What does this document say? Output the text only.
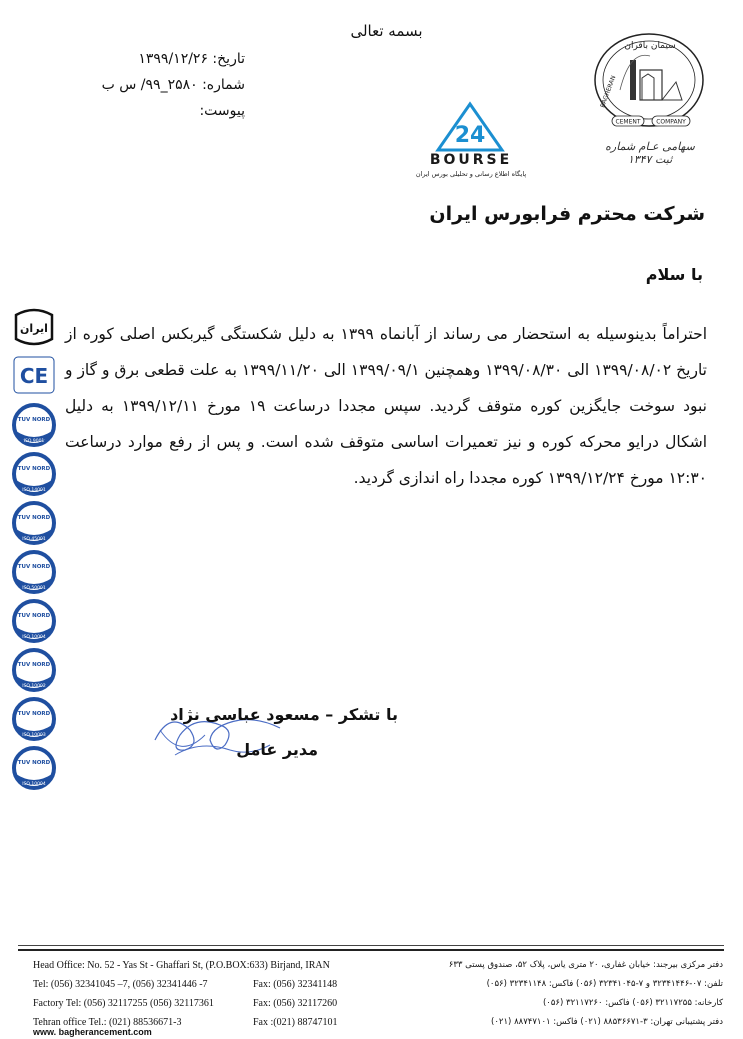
بسمه تعالی
تاریخ: ۱۳۹۹/۱۲/۲۶
شماره: ۲۵۸۰_۹۹/ س ب
پیوست:
سیمان باقران
BAGHERAN
CEMENT	COMPANY
سهامی عـام شماره ثبت ۱۳۴۷
24
BOURSE
پایگاه اطلاع رسانی و تحلیلی بورس ایران
شرکت محترم فرابورس ایران
با سلام

احتراماً بدینوسیله به استحضار می رساند از آبانماه ۱۳۹۹ به دلیل شکستگی گیربکس اصلی کوره از تاریخ ۱۳۹۹/۰۸/۰۲ الی ۱۳۹۹/۰۸/۳۰ وهمچنین ۱۳۹۹/۰۹/۱ الی ۱۳۹۹/۱۱/۲۰ به علت قطعی برق و گاز و نبود سوخت جایگزین کوره متوقف گردید. سپس مجددا درساعت ۱۹ مورخ ۱۳۹۹/۱۲/۱۱ به دلیل اشکال درایو محرکه کوره و نیز تعمیرات اساسی متوقف شده است. و پس از رفع موارد درساعت ۱۲:۳۰ مورخ ۱۳۹۹/۱۲/۲۴ کوره مجددا راه اندازی گردید.

ایران
CE
TUV NORD
ISO 9001
TUV NORD
ISO 14001
TUV NORD
ISO 45001
TUV NORD
ISO 50001
TUV NORD
ISO 10004
TUV NORD
ISO 10002
TUV NORD
ISO 10003
TUV NORD
ISO 10004
با تشکر – مسعود عباسی نژاد
مدیر عامل
Head Office: No. 52 - Yas St - Ghaffari St, (P.O.BOX:633) Birjand, IRAN	دفتر مرکزی بیرجند: خیابان غفاری، ۲۰ متری یاس، پلاک ۵۲، صندوق پستی ۶۳۳
Tel: (056) 32341045 –7, (056) 32341446 -7	Fax: (056) 32341148	تلفن: ۰۷-۳۲۳۴۱۴۴۶ و ۷-۳۲۳۴۱۰۴۵ (۰۵۶) فاکس: ۳۲۳۴۱۱۴۸ (۰۵۶)
Factory Tel: (056) 32117255 (056) 32117361	Fax: (056) 32117260	کارخانه: ۳۲۱۱۷۲۵۵ (۰۵۶) فاکس: ۳۲۱۱۷۲۶۰ (۰۵۶)
Tehran office Tel.: (021) 88536671-3	Fax :(021) 88747101	دفتر پشتیبانی تهران: ۳-۸۸۵۳۶۶۷۱ (۰۲۱) فاکس: ۸۸۷۴۷۱۰۱ (۰۲۱)
www. bagherancement.com
